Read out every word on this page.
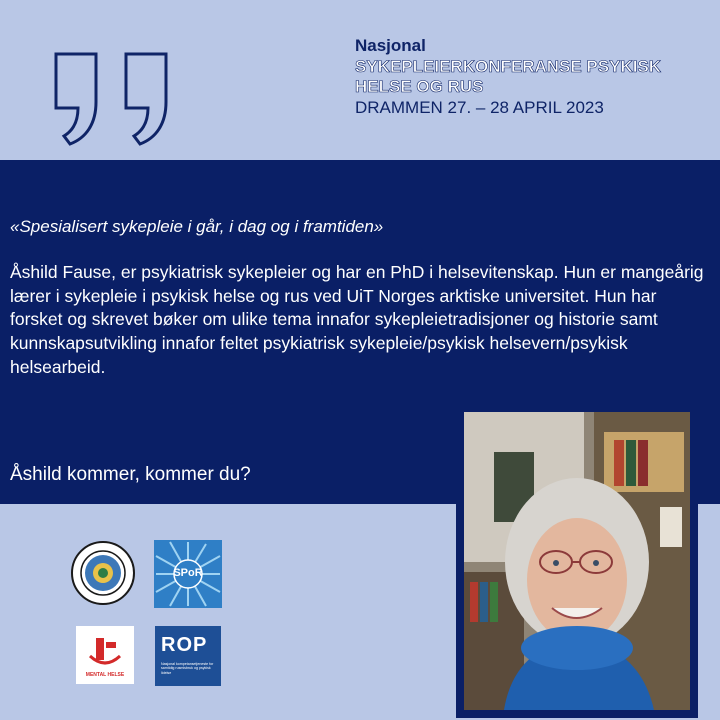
Nasjonal
SYKEPLEIERKONFERANSE PSYKISK
HELSE OG RUS
DRAMMEN 27. – 28 APRIL 2023
«Spesialisert sykepleie i går, i dag og i framtiden»
Åshild Fause, er psykiatrisk sykepleier og har en PhD i helsevitenskap. Hun er mangeårig lærer i sykepleie i psykisk helse og rus ved UiT Norges arktiske universitet. Hun har forsket og skrevet bøker om ulike tema innafor sykepleietradisjoner og historie samt kunnskapsutvikling innafor feltet psykiatrisk sykepleie/psykisk helsevern/psykisk helsearbeid.
Åshild kommer, kommer du?
SPoR
MENTAL HELSE
ROP
Nasjonal kompetansetjeneste for samtidig rusmisbruk og psykisk lidelse
